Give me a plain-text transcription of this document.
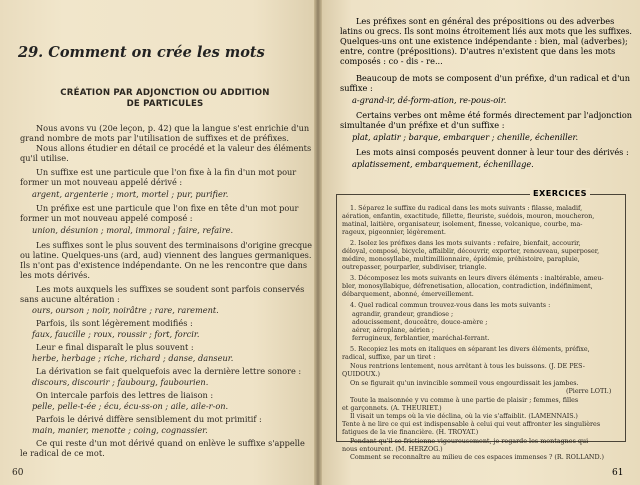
29. Comment on crée les mots
CRÉATION PAR ADJONCTION OU ADDITION
DE PARTICULES
Nous avons vu (20e leçon, p. 42) que la langue s'est enrichie d'un
grand nombre de mots par l'utilisation de suffixes et de préfixes.
Nous allons étudier en détail ce procédé et la valeur des éléments
qu'il utilise.
Un suffixe est une particule que l'on fixe à la fin d'un mot pour
former un mot nouveau appelé dérivé :
argent, argenterie ; mort, mortel ; pur, purifier.
Un préfixe est une particule que l'on fixe en tête d'un mot pour
former un mot nouveau appelé composé :
union, désunion ; moral, immoral ; faire, refaire.
Les suffixes sont le plus souvent des terminaisons d'origine grecque
ou latine. Quelques-uns (ard, aud) viennent des langues germaniques.
Ils n'ont pas d'existence indépendante. On ne les rencontre que dans
les mots dérivés.
Les mots auxquels les suffixes se soudent sont parfois conservés
sans aucune altération :
ours, ourson ; noir, noirâtre ; rare, rarement.
Parfois, ils sont légèrement modifiés :
faux, faucille ; roux, roussir ; fort, forcir.
Leur e final disparaît le plus souvent :
herbe, herbage ; riche, richard ; danse, danseur.
La dérivation se fait quelquefois avec la dernière lettre sonore :
discours, discourir ; faubourg, faubourien.
On intercale parfois des lettres de liaison :
pelle, pelle-t-ée ; écu, écu-ss-on ; aile, aile-r-on.
Parfois le dérivé diffère sensiblement du mot primitif :
main, manier, menotte ; coing, cognassier.
Ce qui reste d'un mot dérivé quand on enlève le suffixe s'appelle
le radical de ce mot.
60
Les préfixes sont en général des prépositions ou des adverbes
latins ou grecs. Ils sont moins étroitement liés aux mots que les suffixes.
Quelques-uns ont une existence indépendante : bien, mal (adverbes);
entre, contre (prépositions). D'autres n'existent que dans les mots
composés : co - dis - re...
Beaucoup de mots se composent d'un préfixe, d'un radical et d'un
suffixe :
a-grand-ir, dé-form-ation, re-pous-oir.
Certains verbes ont même été formés directement par l'adjonction
simultanée d'un préfixe et d'un suffixe :
plat, aplatir ; barque, embarquer ; chenille, écheniller.
Les mots ainsi composés peuvent donner à leur tour des dérivés :
aplatissement, embarquement, échenillage.
EXERCICES
1. Séparez le suffixe du radical dans les mots suivants : filasse, maladif,
aération, enfantin, exactitude, fillette, fleuriste, suédois, mouron, moucheron,
matinal, laitière, organisateur, isolement, finesse, volcanique, courbe, ma-
rageux, pigeonnier, légèrement.
2. Isolez les préfixes dans les mots suivants : refaire, bienfait, accourir,
déloyal, composé, bicycle, affaiblir, découvrir, exporter, renouveau, superposer,
médire, monosyllabe, multimillionnaire, épidémie, préhistoire, parapluie,
outrepasser, pourparler, subdiviser, triangle.
3. Décomposez les mots suivants en leurs divers éléments : inaltérable, ameu-
bler, monosyllabique, défrenetisation, allocation, contradiction, indéfiniment,
débarquement, abonné, émerveillement.
4. Quel radical commun trouvez-vous dans les mots suivants :
agrandir, grandeur, grandiose ;
adoucissement, douceâtre, douce-amère ;
aérer, aéroplane, aérien ;
ferrugineux, ferblantier, maréchal-ferrant.
5. Recopiez les mots en italiques en séparant les divers éléments, préfixe,
radical, suffixe, par un tiret :
Nous rentrions lentement, nous arrêtant à tous les buissons. (J. DE PES-
QUIDOUX.)
On se figurait qu'un invincible sommeil vous engourdissait les jambes.
(Pierre LOTI.)
Toute la maisonnée y vu comme à une partie de plaisir ; femmes, filles
et garçonnets. (A. THEURIET.)
Il visait un temps où la vie déclina, où la vie s'affaiblit. (LAMENNAIS.)
Tente à ne lire ce qui est indispensable à celui qui veut affronter les singulières
fatigues de la vie financière. (H. TROYAT.)
Pendant qu'il se frictionne vigoureusement, je regarde les montagnes qui
nous entourent. (M. HERZOG.)
Comment se reconnaître au milieu de ces espaces immenses ? (R. ROLLAND.)
61
